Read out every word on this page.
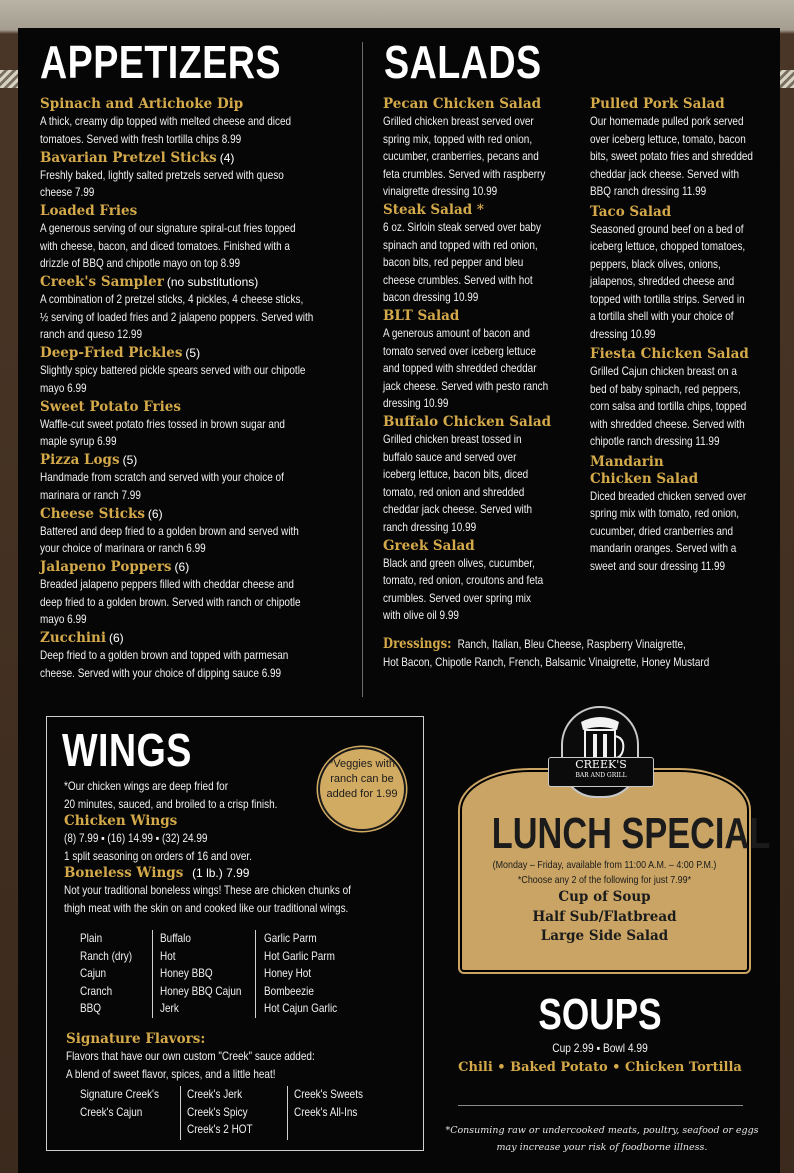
APPETIZERS
Spinach and Artichoke Dip
A thick, creamy dip topped with melted cheese and diced
tomatoes. Served with fresh tortilla chips 8.99
Bavarian Pretzel Sticks (4)
Freshly baked, lightly salted pretzels served with queso
cheese 7.99
Loaded Fries
A generous serving of our signature spiral-cut fries topped
with cheese, bacon, and diced tomatoes. Finished with a
drizzle of BBQ and chipotle mayo on top 8.99
Creek's Sampler (no substitutions)
A combination of 2 pretzel sticks, 4 pickles, 4 cheese sticks,
½ serving of loaded fries and 2 jalapeno poppers. Served with
ranch and queso 12.99
Deep-Fried Pickles (5)
Slightly spicy battered pickle spears served with our chipotle
mayo 6.99
Sweet Potato Fries
Waffle-cut sweet potato fries tossed in brown sugar and
maple syrup 6.99
Pizza Logs (5)
Handmade from scratch and served with your choice of
marinara or ranch 7.99
Cheese Sticks (6)
Battered and deep fried to a golden brown and served with
your choice of marinara or ranch 6.99
Jalapeno Poppers (6)
Breaded jalapeno peppers filled with cheddar cheese and
deep fried to a golden brown. Served with ranch or chipotle
mayo 6.99
Zucchini (6)
Deep fried to a golden brown and topped with parmesan
cheese. Served with your choice of dipping sauce 6.99
SALADS
Pecan Chicken Salad
Grilled chicken breast served over
spring mix, topped with red onion,
cucumber, cranberries, pecans and
feta crumbles. Served with raspberry
vinaigrette dressing 10.99
Steak Salad *
6 oz. Sirloin steak served over baby
spinach and topped with red onion,
bacon bits, red pepper and bleu
cheese crumbles. Served with hot
bacon dressing 10.99
BLT Salad
A generous amount of bacon and
tomato served over iceberg lettuce
and topped with shredded cheddar
jack cheese. Served with pesto ranch
dressing 10.99
Buffalo Chicken Salad
Grilled chicken breast tossed in
buffalo sauce and served over
iceberg lettuce, bacon bits, diced
tomato, red onion and shredded
cheddar jack cheese. Served with
ranch dressing 10.99
Greek Salad
Black and green olives, cucumber,
tomato, red onion, croutons and feta
crumbles. Served over spring mix
with olive oil 9.99
Pulled Pork Salad
Our homemade pulled pork served
over iceberg lettuce, tomato, bacon
bits, sweet potato fries and shredded
cheddar jack cheese. Served with
BBQ ranch dressing 11.99
Taco Salad
Seasoned ground beef on a bed of
iceberg lettuce, chopped tomatoes,
peppers, black olives, onions,
jalapenos, shredded cheese and
topped with tortilla strips. Served in
a tortilla shell with your choice of
dressing 10.99
Fiesta Chicken Salad
Grilled Cajun chicken breast on a
bed of baby spinach, red peppers,
corn salsa and tortilla chips, topped
with shredded cheese. Served with
chipotle ranch dressing 11.99
Mandarin
Chicken Salad
Diced breaded chicken served over
spring mix with tomato, red onion,
cucumber, dried cranberries and
mandarin oranges. Served with a
sweet and sour dressing 11.99
Dressings: Ranch, Italian, Bleu Cheese, Raspberry Vinaigrette,
Hot Bacon, Chipotle Ranch, French, Balsamic Vinaigrette, Honey Mustard
WINGS	*Veggies with
ranch can be
added for 1.99
*Our chicken wings are deep fried for
20 minutes, sauced, and broiled to a crisp finish.
Chicken Wings
(8) 7.99 ▪ (16) 14.99 ▪ (32) 24.99
1 split seasoning on orders of 16 and over.
Boneless Wings (1 lb.) 7.99
Not your traditional boneless wings! These are chicken chunks of
thigh meat with the skin on and cooked like our traditional wings.
Plain
Ranch (dry)
Cajun
Cranch
BBQ
Buffalo
Hot
Honey BBQ
Honey BBQ Cajun
Jerk
Garlic Parm
Hot Garlic Parm
Honey Hot
Bombeezie
Hot Cajun Garlic
Signature Flavors:
Flavors that have our own custom "Creek" sauce added:
A blend of sweet flavor, spices, and a little heat!
Signature Creek's
Creek's Cajun
Creek's Jerk
Creek's Spicy
Creek's 2 HOT
Creek's Sweets
Creek's All-Ins
CREEK'S
BAR AND GRILL
LUNCH SPECIAL
(Monday – Friday, available from 11:00 A.M. – 4:00 P.M.)
*Choose any 2 of the following for just 7.99*
Cup of Soup
Half Sub/Flatbread
Large Side Salad
SOUPS
Cup 2.99 ▪ Bowl 4.99
Chili • Baked Potato • Chicken Tortilla
*Consuming raw or undercooked meats, poultry, seafood or eggs
may increase your risk of foodborne illness.
